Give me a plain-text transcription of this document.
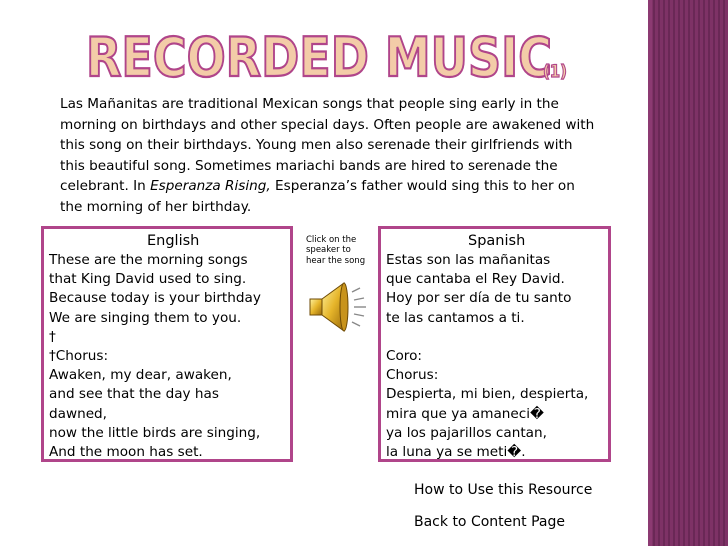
RECORDED MUSIC
(1)

Las Mañanitas are traditional Mexican songs that people sing early in the morning on birthdays and other special days. Often people are awakened with this song on their birthdays. Young men also serenade their girlfriends with this beautiful song. Sometimes mariachi bands are hired to serenade the celebrant. In Esperanza Rising, Esperanza’s father would sing this to her on the morning of her birthday.

English
These are the morning songs
that King David used to sing.
Because today is your birthday
We are singing them to you.
†
†Chorus:
Awaken, my dear, awaken,
and see that the day has
dawned,
now the little birds are singing,
And the moon has set.
Click on the speaker to hear the song
Spanish
Estas son las mañanitas
que cantaba el Rey David.
Hoy por ser día de tu santo
te las cantamos a ti.
Coro:
Chorus:
Despierta, mi bien, despierta,
mira que ya amaneci�
ya los pajarillos cantan,
la luna ya se meti�.
How to Use this Resource
Back to Content Page
